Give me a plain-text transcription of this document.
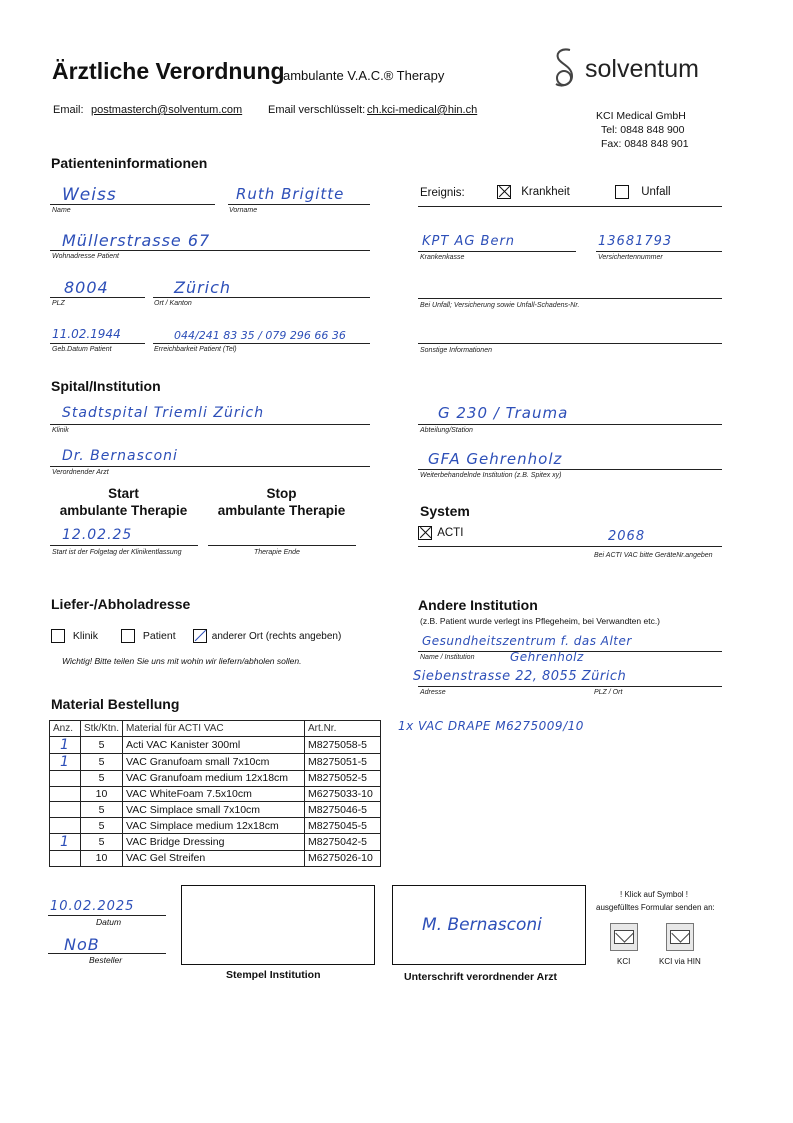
Ärztliche Verordnung
ambulante V.A.C.® Therapy	solventum
Email: postmasterch@solventum.com Email verschlüsselt: ch.kci-medical@hin.ch	KCI Medical GmbH
Tel: 0848 848 900
Fax: 0848 848 901
Patienteninformationen
Weiss
Name
Ruth Brigitte
Vorname
Müllerstrasse 67
Wohnadresse Patient
8004
PLZ
Zürich
Ort / Kanton
11.02.1944
Geb.Datum Patient
044/241 83 35 / 079 296 66 36
Erreichbarkeit Patient (Tel)
Ereignis:	Krankheit	Unfall
KPT AG Bern
Krankenkasse
13681793
Versichertennummer
Bei Unfall; Versicherung sowie Unfall-Schadens-Nr.
Sonstige Informationen
Spital/Institution
Stadtspital Triemli Zürich
Klinik
Dr. Bernasconi
Verordnender Arzt
G 230 / Trauma
Abteilung/Station
GFA Gehrenholz
Weiterbehandelnde Institution (z.B. Spitex xy)
Start
ambulante Therapie
Stop
ambulante Therapie
12.02.25
Start ist der Folgetag der Klinikentlassung	Therapie Ende
System
ACTI	2068
Bei ACTI VAC bitte GeräteNr.angeben
Liefer-/Abholadresse
Klinik	Patient	anderer Ort (rechts angeben)
Wichtig! Bitte teilen Sie uns mit wohin wir liefern/abholen sollen.
Andere Institution
(z.B. Patient wurde verlegt ins Pflegeheim, bei Verwandten etc.)
Gesundheitszentrum f. das Alter
Name / Institution	Gehrenholz
Siebenstrasse 22, 8055 Zürich
Adresse	PLZ / Ort
Material Bestellung
Anz.	Stk/Ktn.	Material für ACTI VAC	Art.Nr.
1	5	Acti VAC Kanister 300ml	M8275058-5
1	5	VAC Granufoam small 7x10cm	M8275051-5
	5	VAC Granufoam medium 12x18cm	M8275052-5
	10	VAC WhiteFoam 7.5x10cm	M6275033-10
	5	VAC Simplace small 7x10cm	M8275046-5
	5	VAC Simplace medium 12x18cm	M8275045-5
1	5	VAC Bridge Dressing	M8275042-5
	10	VAC Gel Streifen	M6275026-10
1x VAC DRAPE M6275009/10
10.02.2025
Datum
NoB
Besteller
Stempel Institution
M. Bernasconi
Unterschrift verordnender Arzt
! Klick auf Symbol !
ausgefülltes Formular senden an:
KCI	KCI via HIN
